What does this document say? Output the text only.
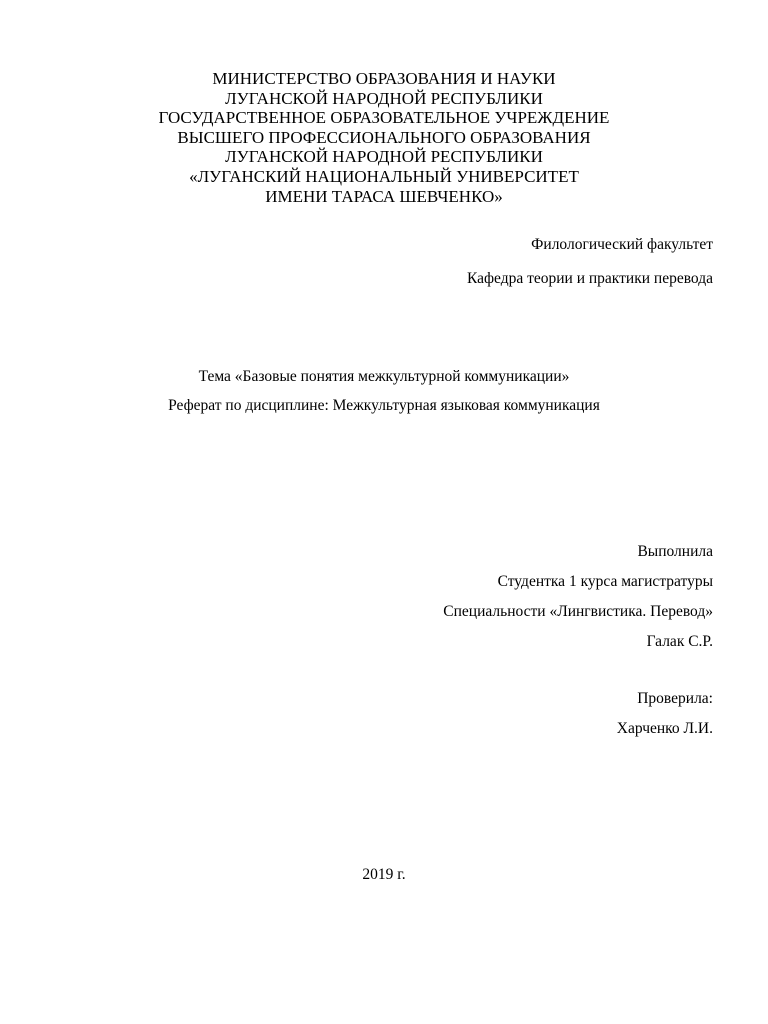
МИНИСТЕРСТВО ОБРАЗОВАНИЯ И НАУКИ
ЛУГАНСКОЙ НАРОДНОЙ РЕСПУБЛИКИ
ГОСУДАРСТВЕННОЕ ОБРАЗОВАТЕЛЬНОЕ УЧРЕЖДЕНИЕ
ВЫСШЕГО ПРОФЕССИОНАЛЬНОГО ОБРАЗОВАНИЯ
ЛУГАНСКОЙ НАРОДНОЙ РЕСПУБЛИКИ
«ЛУГАНСКИЙ НАЦИОНАЛЬНЫЙ УНИВЕРСИТЕТ
ИМЕНИ ТАРАСА ШЕВЧЕНКО»
Филологический факультет
Кафедра теории и практики перевода
Тема «Базовые понятия межкультурной коммуникации»
Реферат по дисциплине: Межкультурная языковая коммуникация
Выполнила
Студентка 1 курса магистратуры
Специальности «Лингвистика. Перевод»
Галак С.Р.
Проверила:
Харченко Л.И.
2019 г.
